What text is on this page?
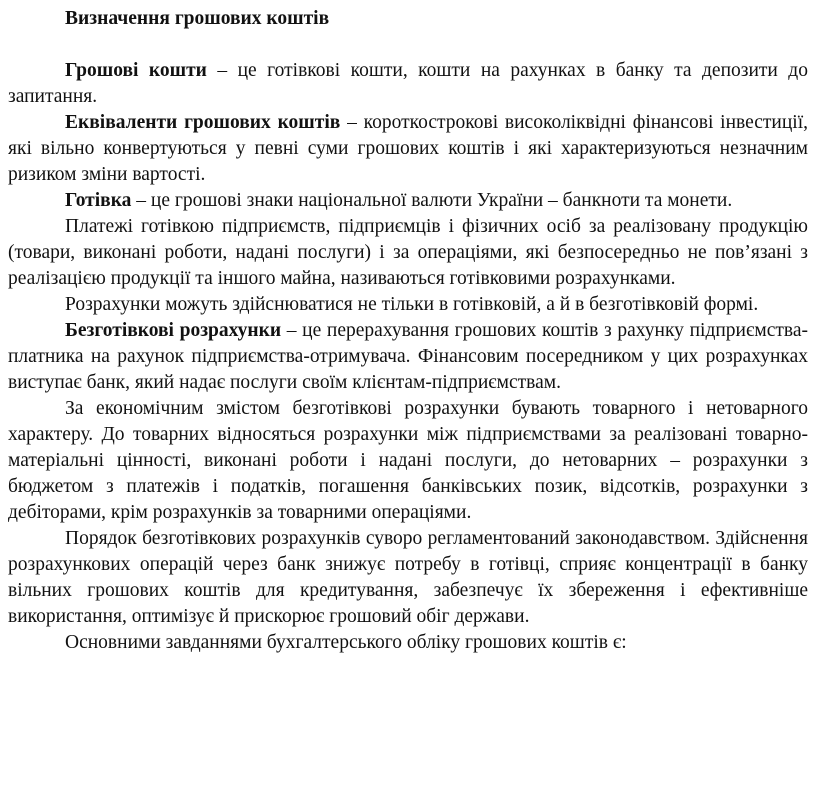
Визначення грошових коштів

Грошові кошти – це готівкові кошти, кошти на рахунках в банку та депозити до запитання.

Еквіваленти грошових коштів – короткострокові високоліквідні фінансові інвестиції, які вільно конвертуються у певні суми грошових коштів і які характеризуються незначним ризиком зміни вартості.

Готівка – це грошові знаки національної валюти України – банкноти та монети.

Платежі готівкою підприємств, підприємців і фізичних осіб за реалізовану продукцію (товари, виконані роботи, надані послуги) і за операціями, які безпосередньо не пов’язані з реалізацією продукції та іншого майна, називаються готівковими розрахунками.

Розрахунки можуть здійснюватися не тільки в готівковій, а й в безготівковій формі.

Безготівкові розрахунки – це перерахування грошових коштів з рахунку підприємства-платника на рахунок підприємства-отримувача. Фінансовим посередником у цих розрахунках виступає банк, який надає послуги своїм клієнтам-підприємствам.

За економічним змістом безготівкові розрахунки бувають товарного і нетоварного характеру. До товарних відносяться розрахунки між підприємствами за реалізовані товарно-матеріальні цінності, виконані роботи і надані послуги, до нетоварних – розрахунки з бюджетом з платежів і податків, погашення банківських позик, відсотків, розрахунки з дебіторами, крім розрахунків за товарними операціями.

Порядок безготівкових розрахунків суворо регламентований законодавством. Здійснення розрахункових операцій через банк знижує потребу в готівці, сприяє концентрації в банку вільних грошових коштів для кредитування, забезпечує їх збереження і ефективніше використання, оптимізує й прискорює грошовий обіг держави.

Основними завданнями бухгалтерського обліку грошових коштів є:
